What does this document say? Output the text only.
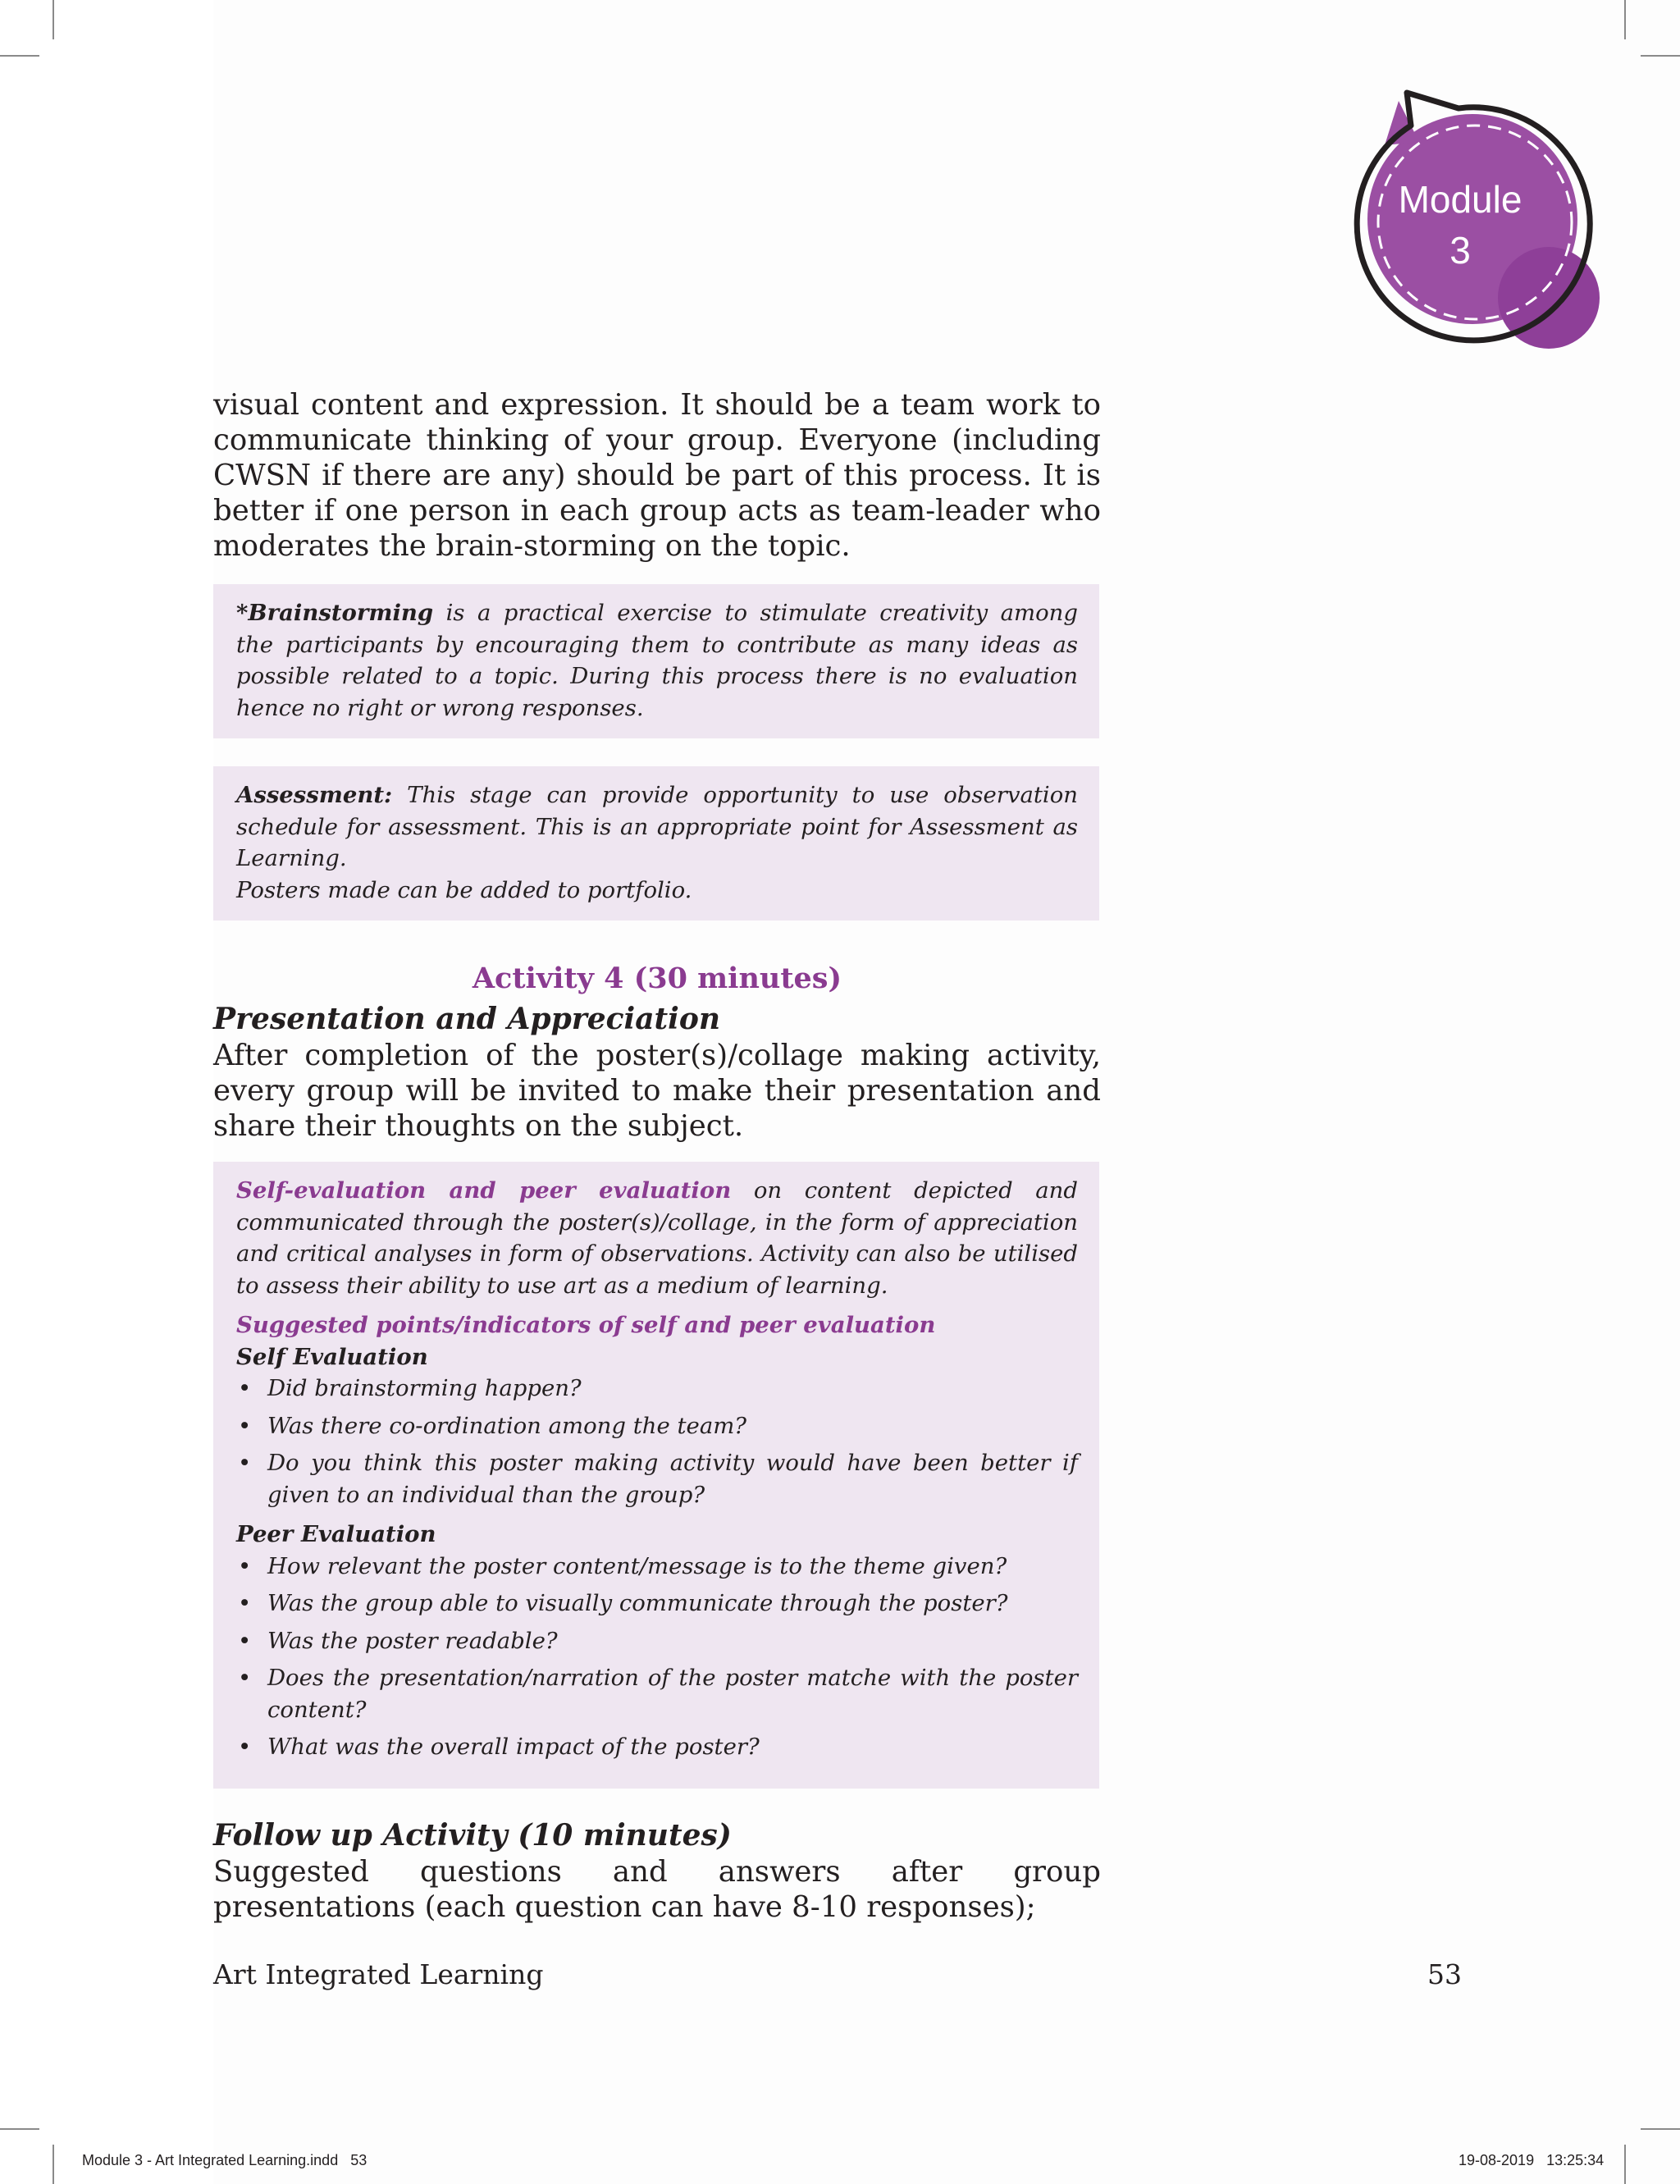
Module
3

visual content and expression. It should be a team work to communicate thinking of your group. Everyone (including CWSN if there are any) should be part of this process. It is better if one person in each group acts as team-leader who moderates the brain-storming on the topic.

*Brainstorming is a practical exercise to stimulate creativity among the participants by encouraging them to contribute as many ideas as possible related to a topic. During this process there is no evaluation hence no right or wrong responses.

Assessment: This stage can provide opportunity to use observation schedule for assessment. This is an appropriate point for Assessment as Learning.

Posters made can be added to portfolio.

Activity 4 (30 minutes)

Presentation and Appreciation

After completion of the poster(s)/collage making activity, every group will be invited to make their presentation and share their thoughts on the subject.

Self-evaluation and peer evaluation on content depicted and communicated through the poster(s)/collage, in the form of appreciation and critical analyses in form of observations. Activity can also be utilised to assess their ability to use art as a medium of learning.

Suggested points/indicators of self and peer evaluation

Self Evaluation

• Did brainstorming happen?
• Was there co-ordination among the team?
• Do you think this poster making activity would have been better if given to an individual than the group?

Peer Evaluation

• How relevant the poster content/message is to the theme given?
• Was the group able to visually communicate through the poster?
• Was the poster readable?
• Does the presentation/narration of the poster matche with the poster content?
• What was the overall impact of the poster?

Follow up Activity (10 minutes)

Suggested questions and answers after group presentations (each question can have 8-10 responses);

Art Integrated Learning	53
Module 3 - Art Integrated Learning.indd   53	19-08-2019   13:25:34
